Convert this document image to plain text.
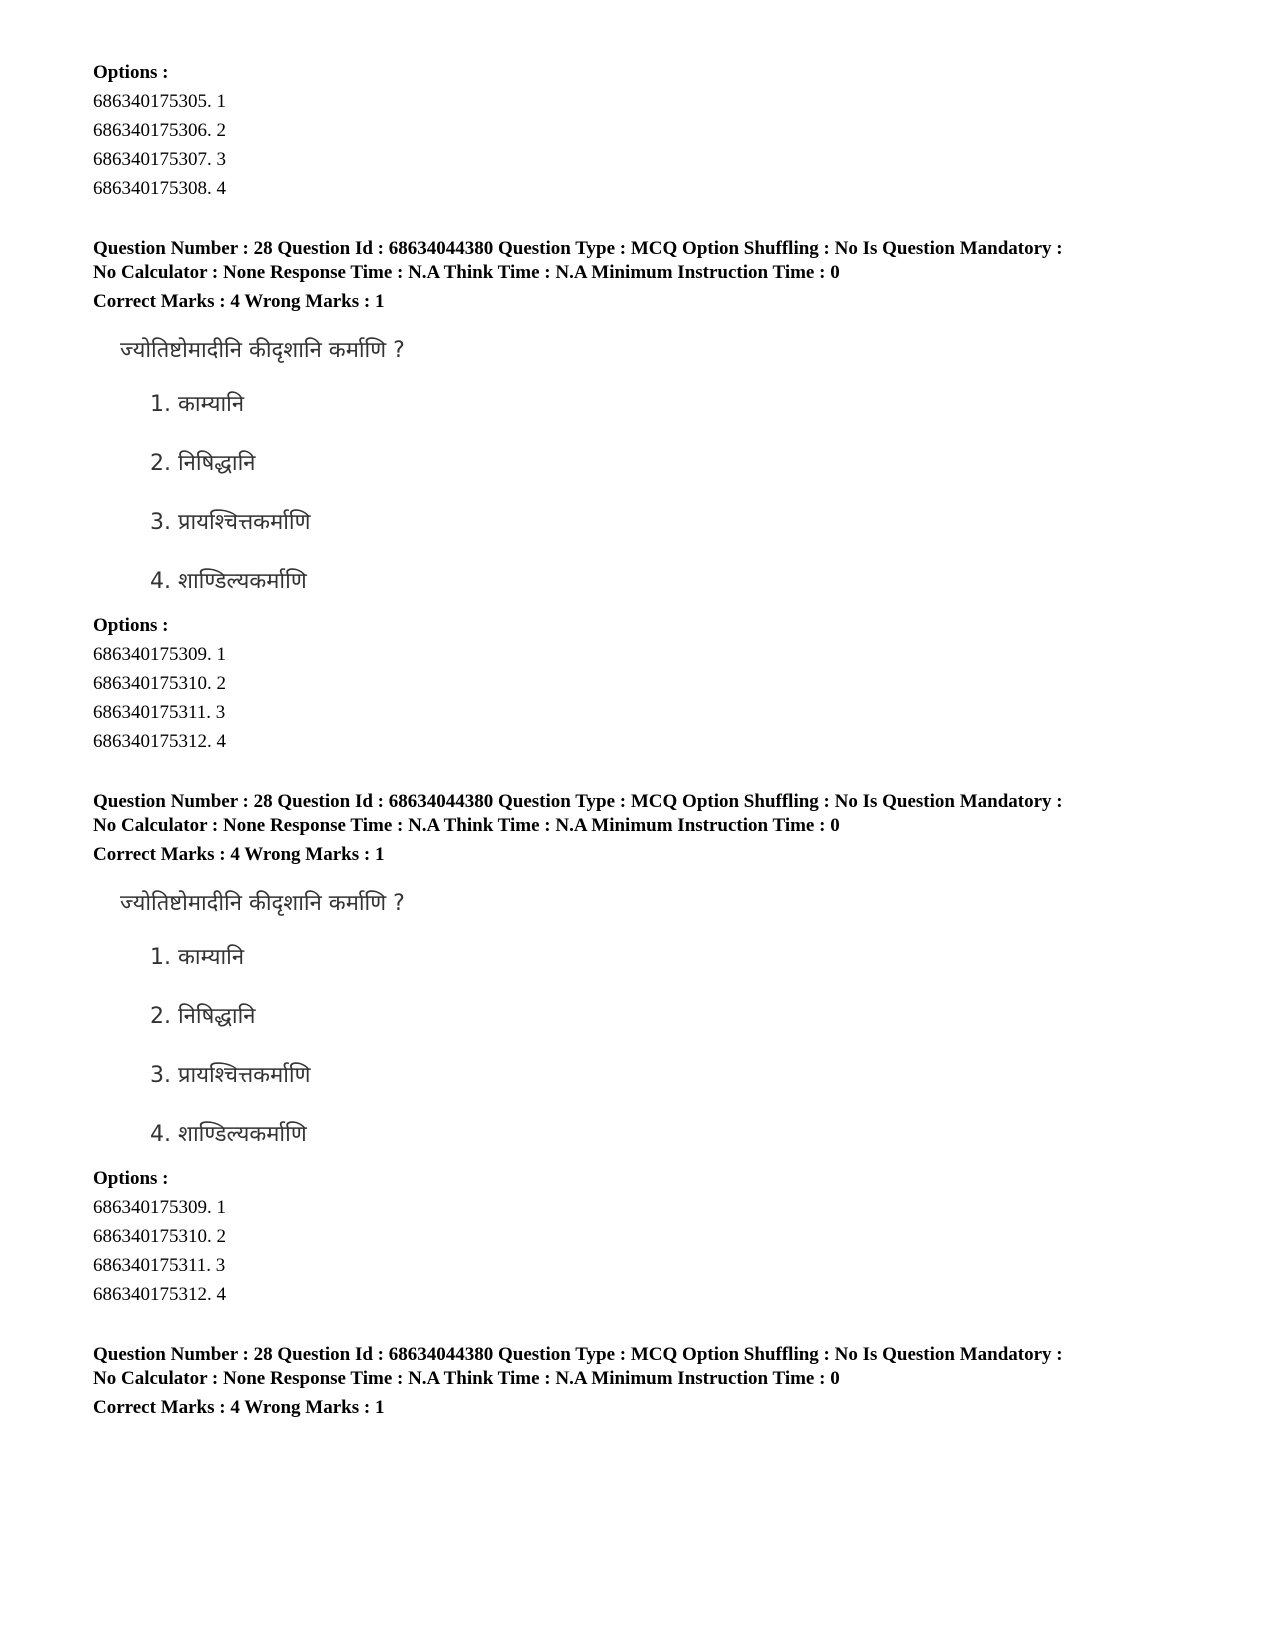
Options :
686340175305. 1
686340175306. 2
686340175307. 3
686340175308. 4
Question Number : 28 Question Id : 68634044380 Question Type : MCQ Option Shuffling : No Is Question Mandatory :
No Calculator : None Response Time : N.A Think Time : N.A Minimum Instruction Time : 0
Correct Marks : 4 Wrong Marks : 1
ज्योतिष्टोमादीनि कीदृशानि कर्माणि ?
1. काम्यानि
2. निषिद्धानि
3. प्रायश्चित्तकर्माणि
4. शाण्डिल्यकर्माणि
Options :
686340175309. 1
686340175310. 2
686340175311. 3
686340175312. 4
Question Number : 28 Question Id : 68634044380 Question Type : MCQ Option Shuffling : No Is Question Mandatory :
No Calculator : None Response Time : N.A Think Time : N.A Minimum Instruction Time : 0
Correct Marks : 4 Wrong Marks : 1
ज्योतिष्टोमादीनि कीदृशानि कर्माणि ?
1. काम्यानि
2. निषिद्धानि
3. प्रायश्चित्तकर्माणि
4. शाण्डिल्यकर्माणि
Options :
686340175309. 1
686340175310. 2
686340175311. 3
686340175312. 4
Question Number : 28 Question Id : 68634044380 Question Type : MCQ Option Shuffling : No Is Question Mandatory :
No Calculator : None Response Time : N.A Think Time : N.A Minimum Instruction Time : 0
Correct Marks : 4 Wrong Marks : 1
